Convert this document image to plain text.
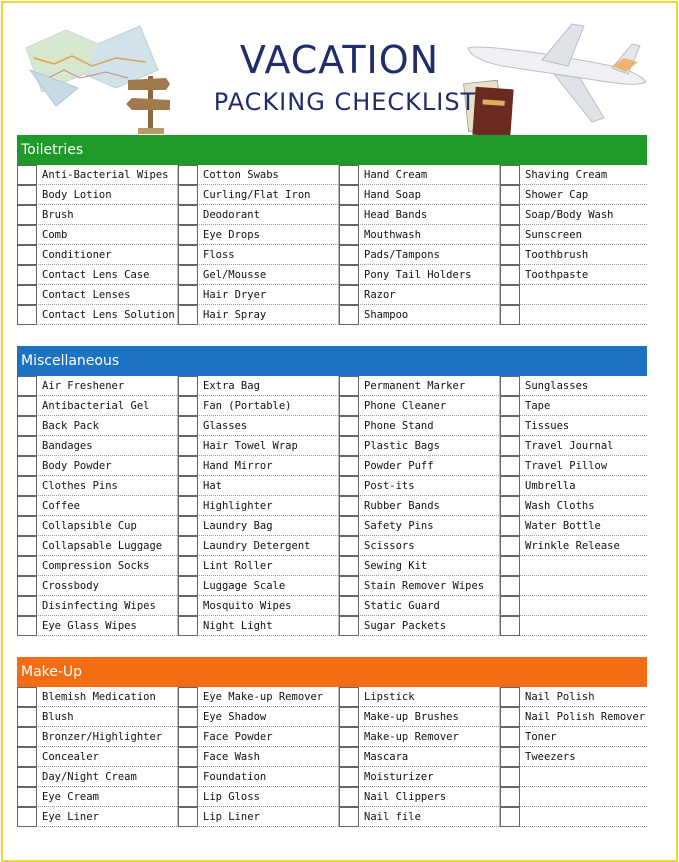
VACATION
PACKING CHECKLIST
Toiletries
Anti-Bacterial Wipes
Body Lotion
Brush
Comb
Conditioner
Contact Lens Case
Contact Lenses
Contact Lens Solution
Cotton Swabs
Curling/Flat Iron
Deodorant
Eye Drops
Floss
Gel/Mousse
Hair Dryer
Hair Spray
Hand Cream
Hand Soap
Head Bands
Mouthwash
Pads/Tampons
Pony Tail Holders
Razor
Shampoo
Shaving Cream
Shower Cap
Soap/Body Wash
Sunscreen
Toothbrush
Toothpaste
Miscellaneous
Air Freshener
Antibacterial Gel
Back Pack
Bandages
Body Powder
Clothes Pins
Coffee
Collapsible Cup
Collapsable Luggage
Compression Socks
Crossbody
Disinfecting Wipes
Eye Glass Wipes
Extra Bag
Fan (Portable)
Glasses
Hair Towel Wrap
Hand Mirror
Hat
Highlighter
Laundry Bag
Laundry Detergent
Lint Roller
Luggage Scale
Mosquito Wipes
Night Light
Permanent Marker
Phone Cleaner
Phone Stand
Plastic Bags
Powder Puff
Post-its
Rubber Bands
Safety Pins
Scissors
Sewing Kit
Stain Remover Wipes
Static Guard
Sugar Packets
Sunglasses
Tape
Tissues
Travel Journal
Travel Pillow
Umbrella
Wash Cloths
Water Bottle
Wrinkle Release
Make-Up
Blemish Medication
Blush
Bronzer/Highlighter
Concealer
Day/Night Cream
Eye Cream
Eye Liner
Eye Make-up Remover
Eye Shadow
Face Powder
Face Wash
Foundation
Lip Gloss
Lip Liner
Lipstick
Make-up Brushes
Make-up Remover
Mascara
Moisturizer
Nail Clippers
Nail file
Nail Polish
Nail Polish Remover
Toner
Tweezers
